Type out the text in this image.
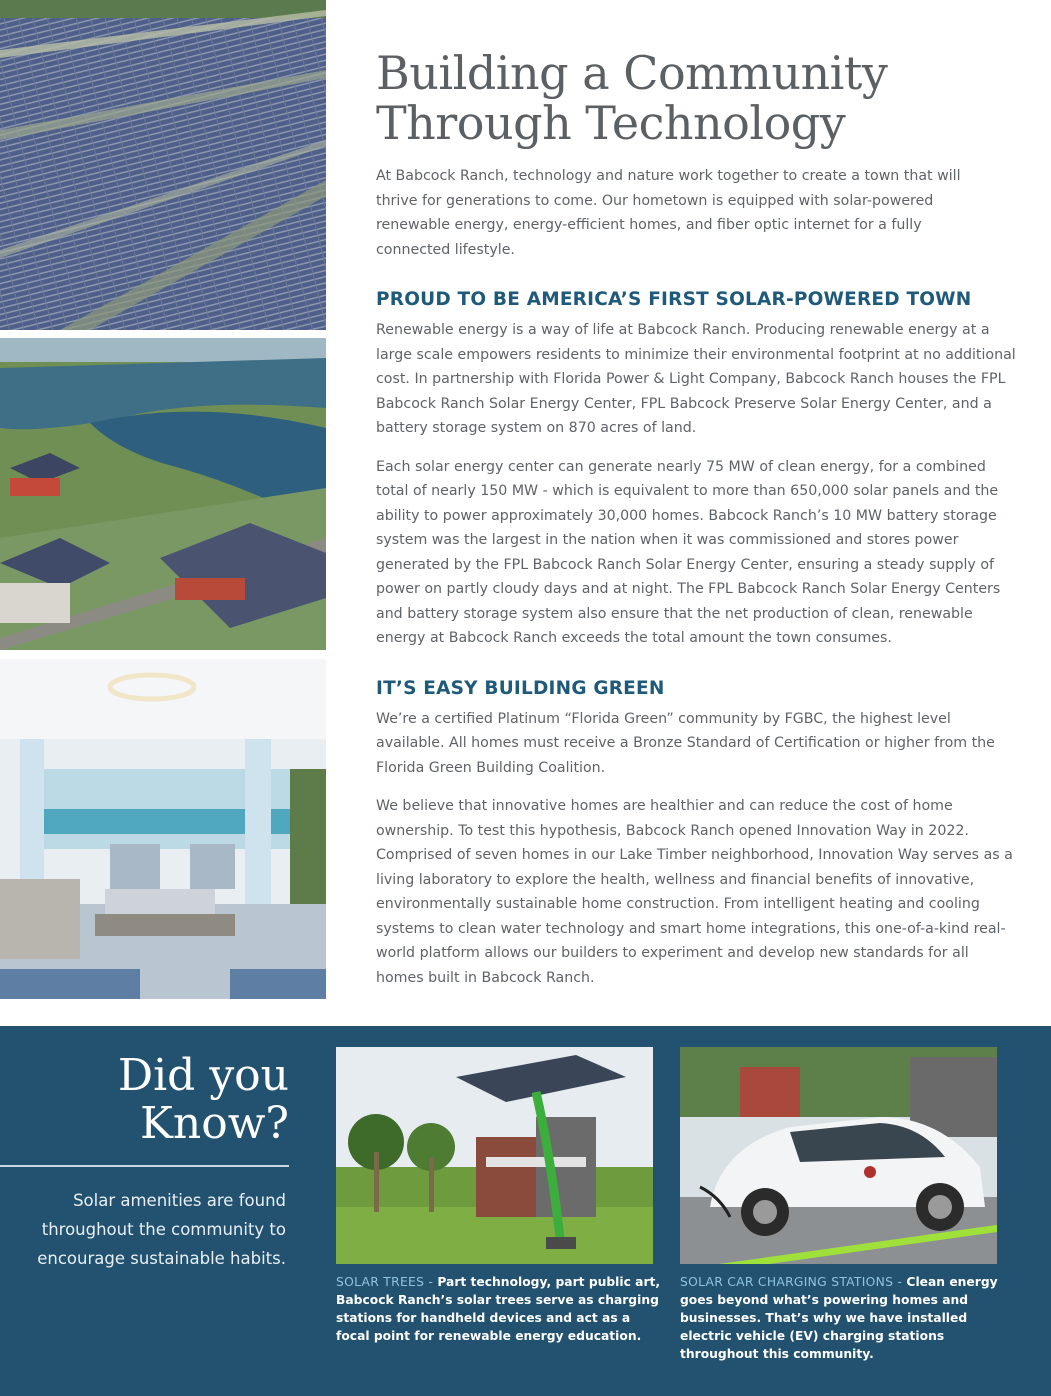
Building a Community
Through Technology

At Babcock Ranch, technology and nature work together to create a town that will thrive for generations to come. Our hometown is equipped with solar-powered renewable energy, energy-efficient homes, and fiber optic internet for a fully connected lifestyle.

PROUD TO BE AMERICA’S FIRST SOLAR-POWERED TOWN

Renewable energy is a way of life at Babcock Ranch. Producing renewable energy at a large scale empowers residents to minimize their environmental footprint at no additional cost. In partnership with Florida Power & Light Company, Babcock Ranch houses the FPL Babcock Ranch Solar Energy Center, FPL Babcock Preserve Solar Energy Center, and a battery storage system on 870 acres of land.

Each solar energy center can generate nearly 75 MW of clean energy, for a combined total of nearly 150 MW - which is equivalent to more than 650,000 solar panels and the ability to power approximately 30,000 homes. Babcock Ranch’s 10 MW battery storage system was the largest in the nation when it was commissioned and stores power generated by the FPL Babcock Ranch Solar Energy Center, ensuring a steady supply of power on partly cloudy days and at night. The FPL Babcock Ranch Solar Energy Centers and battery storage system also ensure that the net production of clean, renewable energy at Babcock Ranch exceeds the total amount the town consumes.

IT’S EASY BUILDING GREEN

We’re a certified Platinum “Florida Green” community by FGBC, the highest level available. All homes must receive a Bronze Standard of Certification or higher from the Florida Green Building Coalition.

We believe that innovative homes are healthier and can reduce the cost of home ownership. To test this hypothesis, Babcock Ranch opened Innovation Way in 2022. Comprised of seven homes in our Lake Timber neighborhood, Innovation Way serves as a living laboratory to explore the health, wellness and financial benefits of innovative, environmentally sustainable home construction. From intelligent heating and cooling systems to clean water technology and smart home integrations, this one-of-a-kind real-world platform allows our builders to experiment and develop new standards for all homes built in Babcock Ranch.

Did you
Know?

Solar amenities are found throughout the community to encourage sustainable habits.

SOLAR TREES - Part technology, part public art, Babcock Ranch’s solar trees serve as charging stations for handheld devices and act as a focal point for renewable energy education.

SOLAR CAR CHARGING STATIONS - Clean energy goes beyond what’s powering homes and businesses. That’s why we have installed electric vehicle (EV) charging stations throughout this community.
